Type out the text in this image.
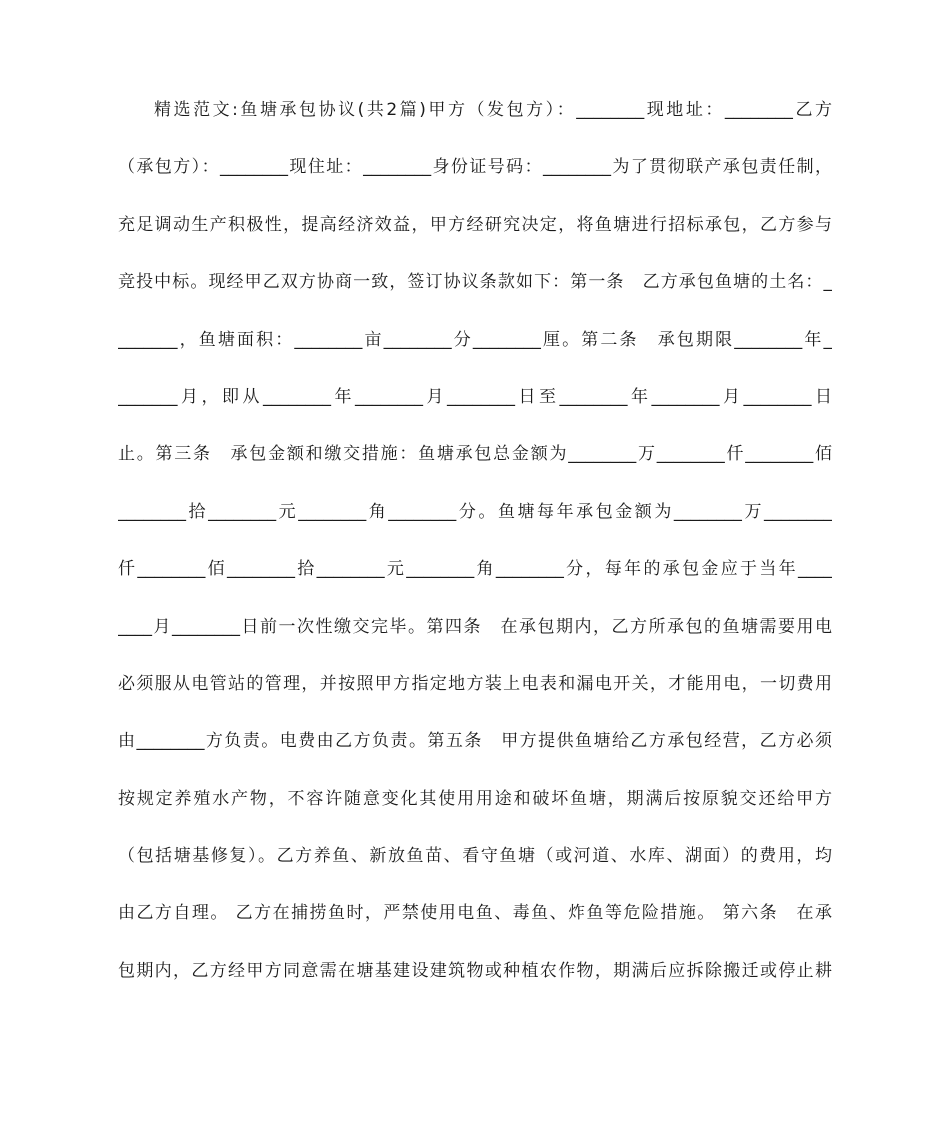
精选范文:鱼塘承包协议(共2篇)甲方（发包方）：________现地址：________乙方
（承包方）：________现住址：________身份证号码：________为了贯彻联产承包责任制，
充足调动生产积极性，提高经济效益，甲方经研究决定，将鱼塘进行招标承包，乙方参与
竞投中标。现经甲乙双方协商一致，签订协议条款如下：第一条　乙方承包鱼塘的土名：_
_______，鱼塘面积：________亩________分________厘。第二条　承包期限________年_
_______月，即从________年________月________日至________年________月________日
止。第三条　承包金额和缴交措施：鱼塘承包总金额为________万________仟________佰
________拾________元________角________分。鱼塘每年承包金额为________万________
仟________佰________拾________元________角________分，每年的承包金应于当年____
____月________日前一次性缴交完毕。第四条　在承包期内，乙方所承包的鱼塘需要用电
必须服从电管站的管理，并按照甲方指定地方装上电表和漏电开关，才能用电，一切费用
由________方负责。电费由乙方负责。第五条　甲方提供鱼塘给乙方承包经营，乙方必须
按规定养殖水产物，不容许随意变化其使用用途和破坏鱼塘，期满后按原貌交还给甲方
（包括塘基修复）。乙方养鱼、新放鱼苗、看守鱼塘（或河道、水库、湖面）的费用，均
由乙方自理。 乙方在捕捞鱼时，严禁使用电鱼、毒鱼、炸鱼等危险措施。 第六条　在承
包期内，乙方经甲方同意需在塘基建设建筑物或种植农作物，期满后应拆除搬迁或停止耕
